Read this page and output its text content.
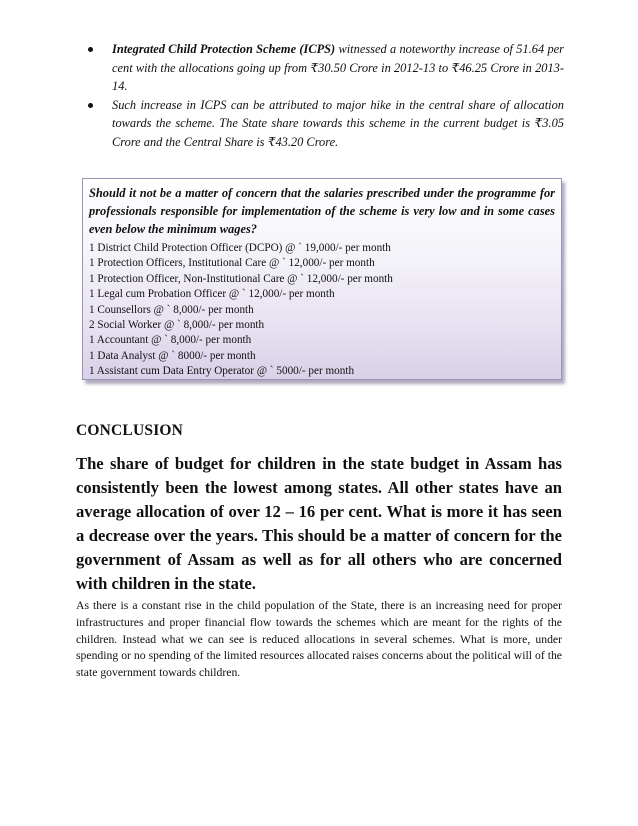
Integrated Child Protection Scheme (ICPS) witnessed a noteworthy increase of 51.64 per cent with the allocations going up from ₹30.50 Crore in 2012-13 to ₹46.25 Crore in 2013-14.
Such increase in ICPS can be attributed to major hike in the central share of allocation towards the scheme. The State share towards this scheme in the current budget is ₹3.05 Crore and the Central Share is ₹43.20 Crore.

Should it not be a matter of concern that the salaries prescribed under the programme for professionals responsible for implementation of the scheme is very low and in some cases even below the minimum wages?

1 District Child Protection Officer (DCPO) @ ` 19,000/- per month
1 Protection Officers, Institutional Care @ ` 12,000/- per month
1 Protection Officer, Non-Institutional Care @ ` 12,000/- per month
1 Legal cum Probation Officer @ ` 12,000/- per month
1 Counsellors @ ` 8,000/- per month
2 Social Worker @ ` 8,000/- per month
1 Accountant @ ` 8,000/- per month
1 Data Analyst @ ` 8000/- per month
1 Assistant cum Data Entry Operator @ ` 5000/- per month
CONCLUSION

The share of budget for children in the state budget in Assam has consistently been the lowest among states. All other states have an average allocation of over 12 – 16 per cent. What is more it has seen a decrease over the years. This should be a matter of concern for the government of Assam as well as for all others who are concerned with children in the state.

As there is a constant rise in the child population of the State, there is an increasing need for proper infrastructures and proper financial flow towards the schemes which are meant for the rights of the children. Instead what we can see is reduced allocations in several schemes. What is more, under spending or no spending of the limited resources allocated raises concerns about the political will of the state government towards children.
